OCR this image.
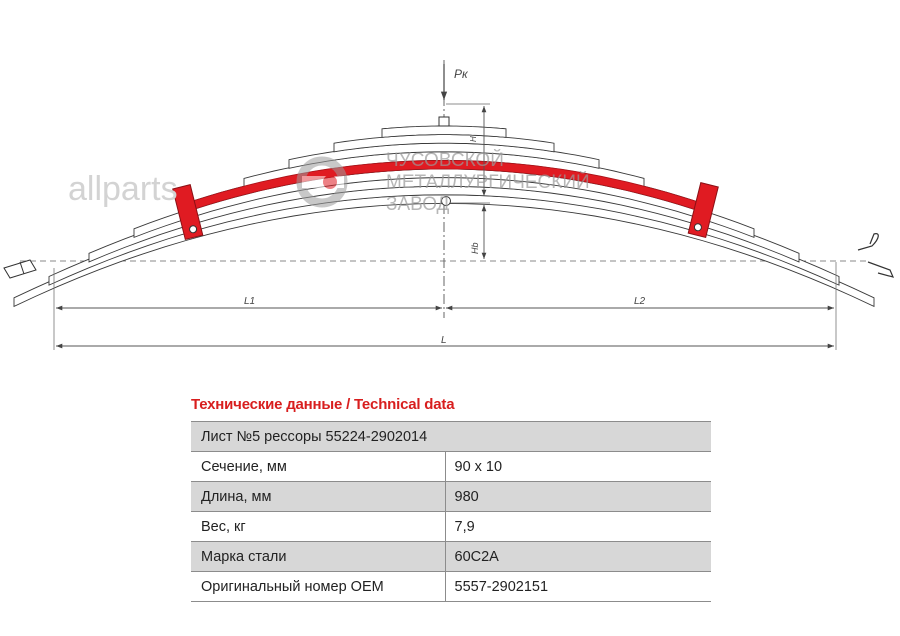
Pк
H
Hb
L1	L2
L
allparts
ЧУСОВСКОЙ
МЕТАЛЛУРГИЧЕСКИЙ
ЗАВОД
Технические данные / Technical data
Лист №5 рессоры 55224-2902014	
Сечение, мм	90 x 10
Длина, мм	980
Вес, кг	7,9
Марка стали	60С2А
Оригинальный номер OEM	5557-2902151
